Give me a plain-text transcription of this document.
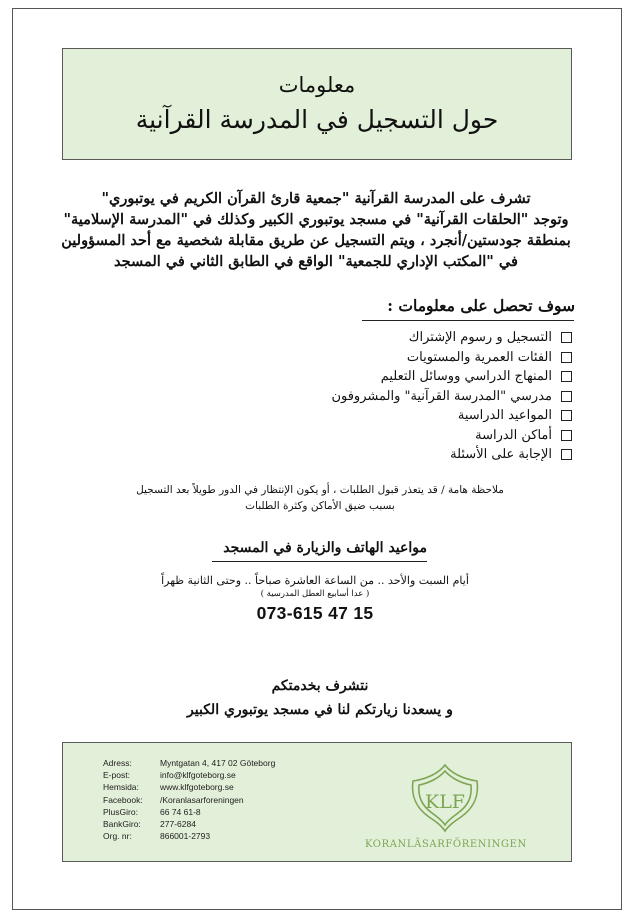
معلومات
حول التسجيل في المدرسة القرآنية
تشرف على المدرسة القرآنية "جمعية قارئ القرآن الكريم في يوتبوري"
وتوجد "الحلقات القرآنية" في مسجد يوتبوري الكبير وكذلك في "المدرسة الإسلامية"
بمنطقة جودستين/أنجرد ، ويتم التسجيل عن طريق مقابلة شخصية مع أحد المسؤولين
في "المكتب الإداري للجمعية" الواقع في الطابق الثاني في المسجد
سوف تحصل على معلومات :
التسجيل و رسوم الإشتراك
الفئات العمرية والمستويات
المنهاج الدراسي ووسائل التعليم
مدرسي "المدرسة القرآنية" والمشروفون
المواعيد الدراسية
أماكن الدراسة
الإجابة على الأسئلة
ملاحظة هامة / قد يتعذر قبول الطلبات ، أو يكون الإنتظار في الدور طويلاً بعد التسجيل
بسبب ضيق الأماكن وكثرة الطلبات
مواعيد الهاتف والزيارة في المسجد
أيام السبت والأحد .. من الساعة العاشرة صباحاً .. وحتى الثانية ظهراً
( عدا أسابيع العطل المدرسية )
073-615 47 15
نتشرف بخدمتكم
و يسعدنا زيارتكم لنا في مسجد يوتبوري الكبير
Adress:	Myntgatan 4, 417 02 Göteborg
E-post:	info@klfgoteborg.se
Hemsida:	www.klfgoteborg.se
Facebook:	/Koranlasarforeningen
PlusGiro:	66 74 61-8
BankGiro:	277-6284
Org. nr:	866001-2793
KLF
KORANLÄSARFÖRENINGEN
